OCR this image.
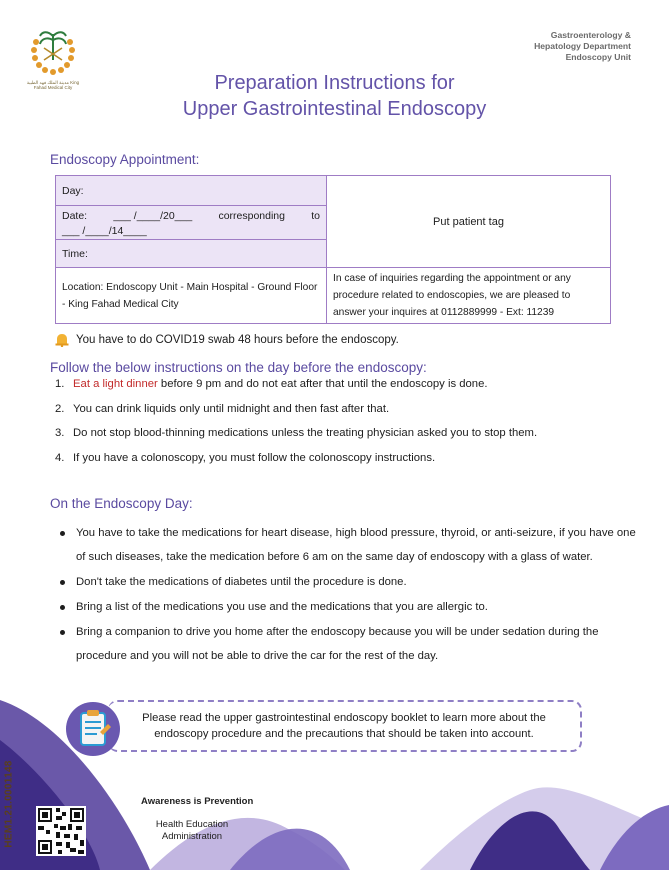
مدينة الملك فهد الطبية King Fahad Medical City
Gastroenterology &
Hepatology Department
Endoscopy Unit
Preparation Instructions for
Upper Gastrointestinal Endoscopy
Endoscopy Appointment:
Day:	Put patient tag

Date: ___ /____/20___ corresponding to
___ /____/14____	

Time:	
Location: Endoscopy Unit - Main Hospital - Ground Floor - King Fahad Medical City	In case of inquiries regarding the appointment or any procedure related to endoscopies, we are pleased to answer your inquires at 0112889999 - Ext: 11239
You have to do COVID19 swab 48 hours before the endoscopy.
Follow the below instructions on the day before the endoscopy:
1. Eat a light dinner before 9 pm and do not eat after that until the endoscopy is done.
2. You can drink liquids only until midnight and then fast after that.
3. Do not stop blood-thinning medications unless the treating physician asked you to stop them.
4. If you have a colonoscopy, you must follow the colonoscopy instructions.
On the Endoscopy Day:
You have to take the medications for heart disease, high blood pressure, thyroid, or anti-seizure, if you have one of such diseases, take the medication before 6 am on the same day of endoscopy with a glass of water.
Don't take the medications of diabetes until the procedure is done.
Bring a list of the medications you use and the medications that you are allergic to.
Bring a companion to drive you home after the endoscopy because you will be under sedation during the procedure and you will not be able to drive the car for the rest of the day.
Please read the upper gastrointestinal endoscopy booklet to learn more about the endoscopy procedure and the precautions that should be taken into account.
HEM1.21.0001148	Awareness is Prevention
Health Education
Administration
